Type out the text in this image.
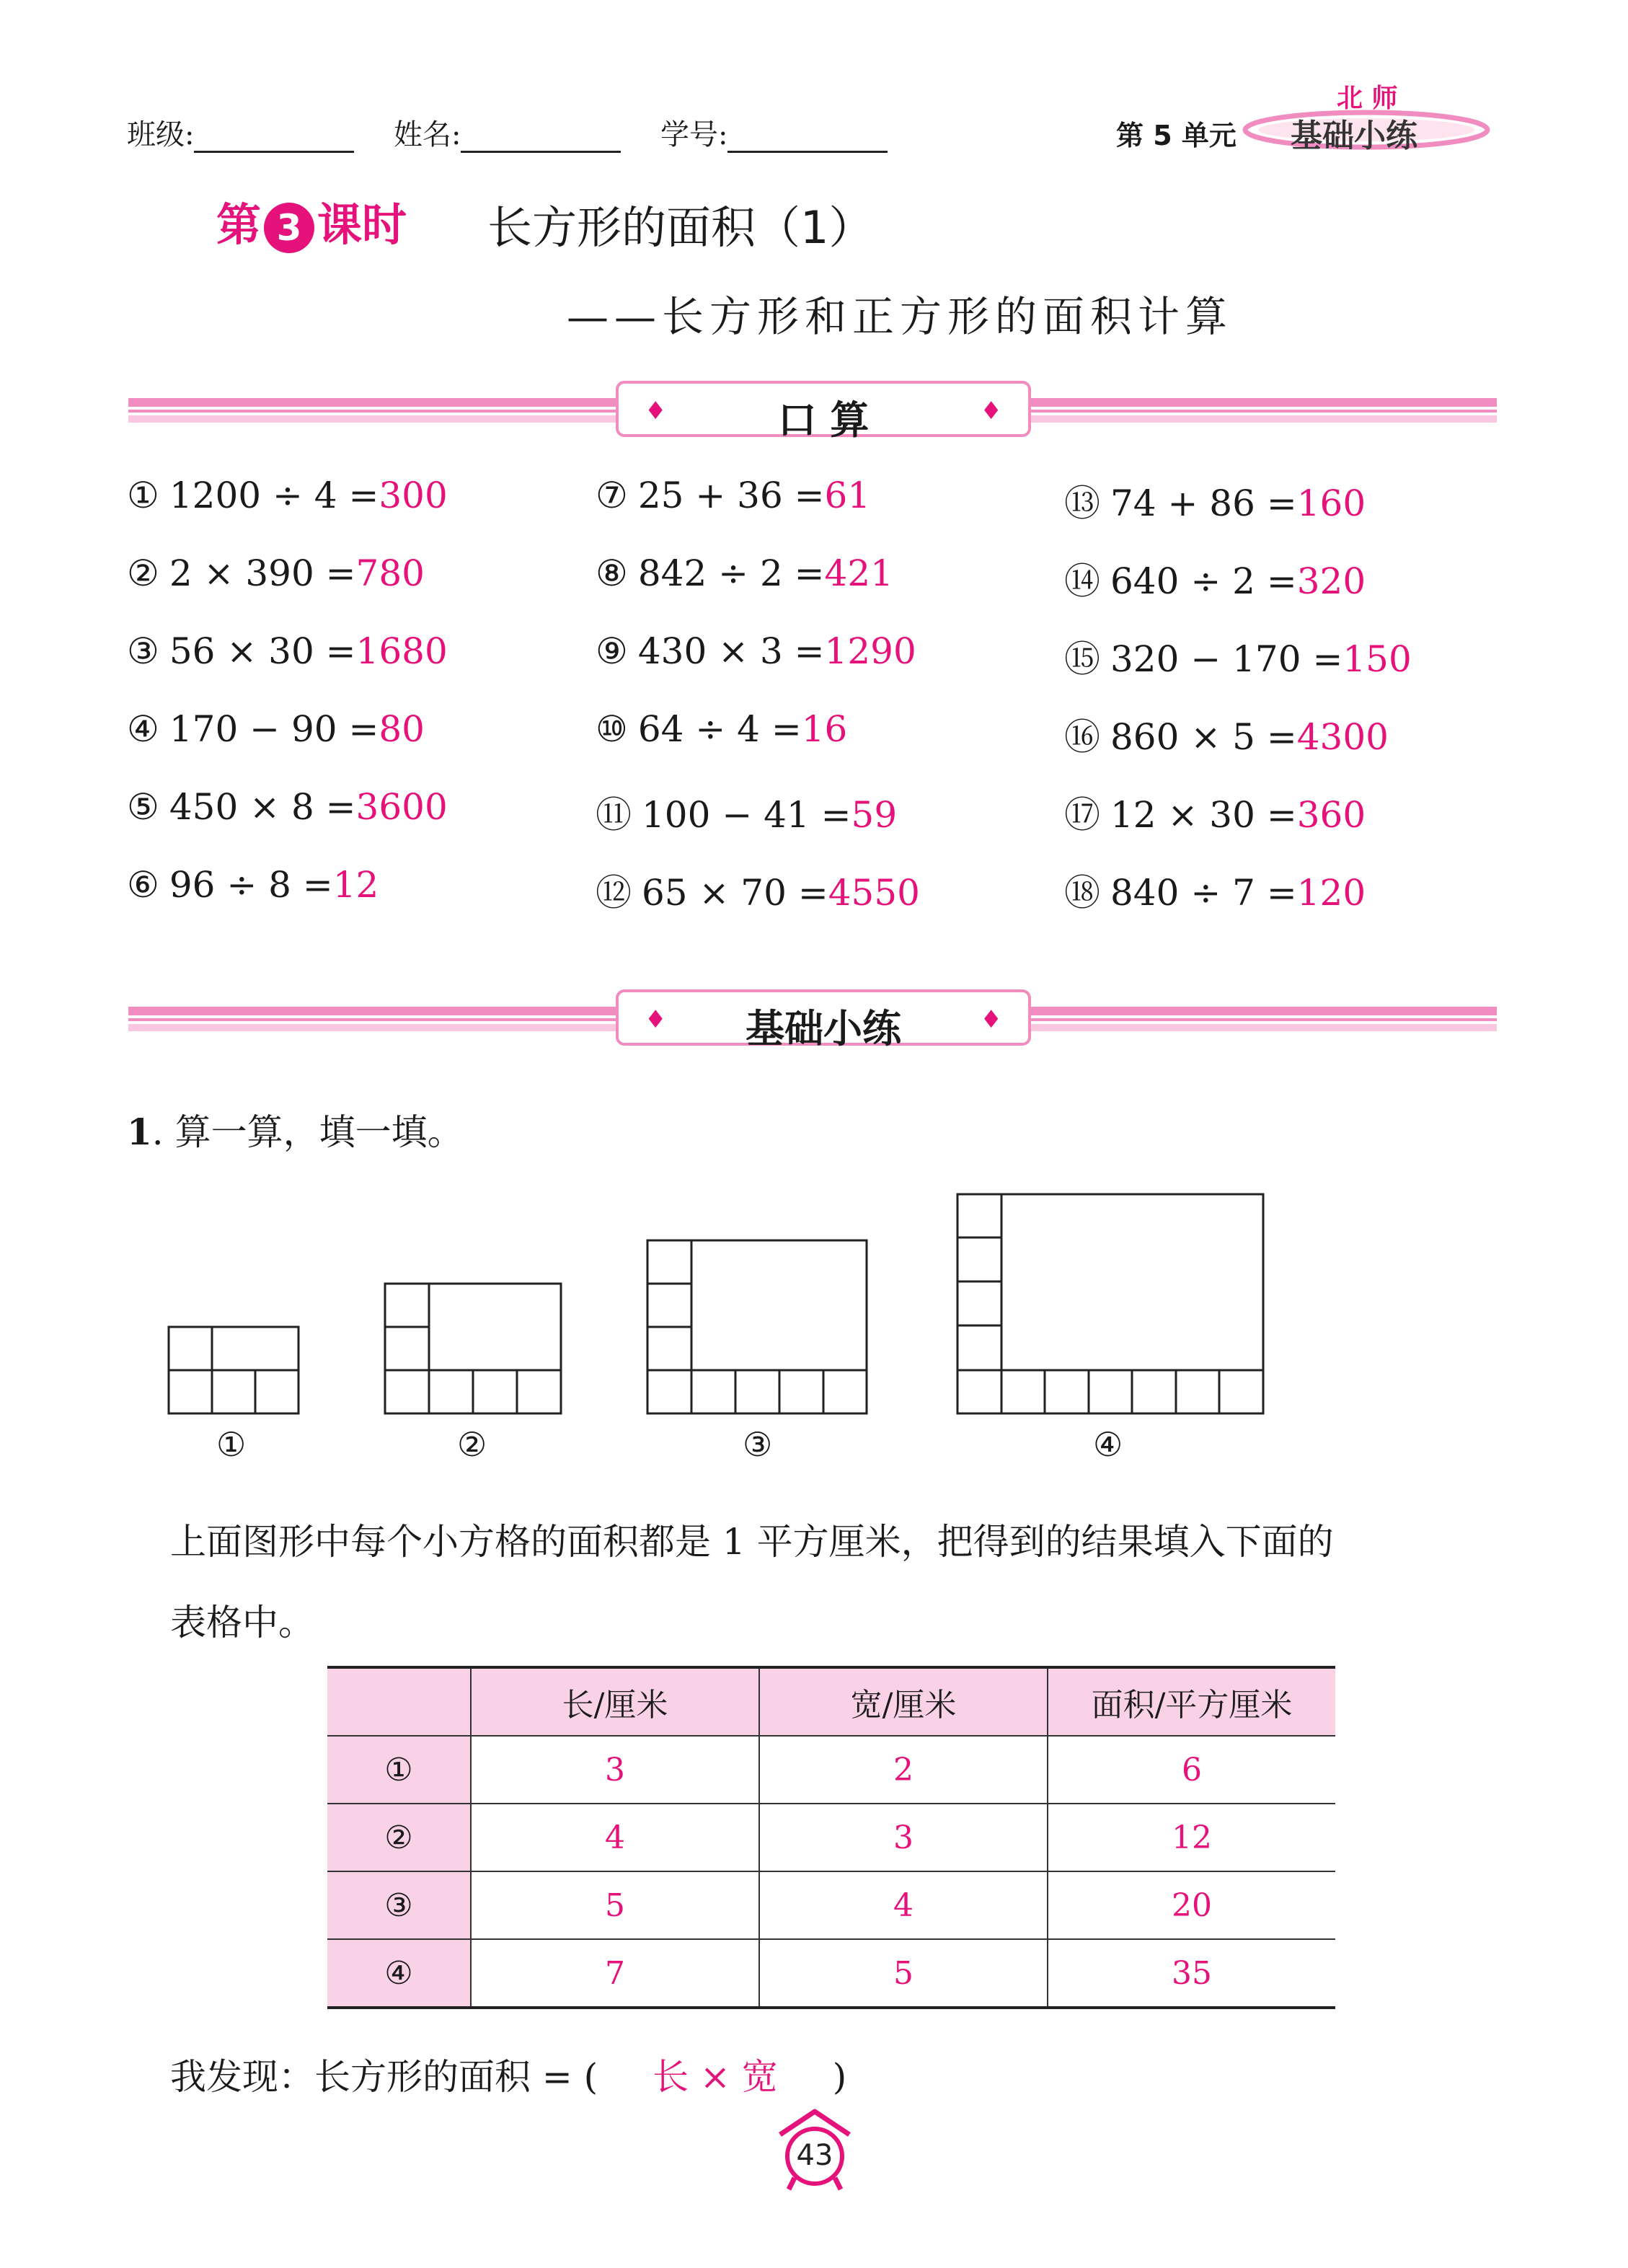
班级:	姓名:	学号:	第 5 单元
北 师
基础小练
第 3 课时 长方形的面积（1）
——长方形和正方形的面积计算
♦	口 算	♦
① 1200 ÷ 4 =300
② 2 × 390 =780
③ 56 × 30 =1680
④ 170 − 90 =80
⑤ 450 × 8 =3600
⑥ 96 ÷ 8 =12
⑦ 25 + 36 =61
⑧ 842 ÷ 2 =421
⑨ 430 × 3 =1290
⑩ 64 ÷ 4 =16
⑪ 100 − 41 =59
⑫ 65 × 70 =4550
⑬ 74 + 86 =160
⑭ 640 ÷ 2 =320
⑮ 320 − 170 =150
⑯ 860 × 5 =4300
⑰ 12 × 30 =360
⑱ 840 ÷ 7 =120
♦	基础小练	♦
1. 算一算，填一填。
①	②	③	④
上面图形中每个小方格的面积都是 1 平方厘米，把得到的结果填入下面的
表格中。
	长/厘米	宽/厘米	面积/平方厘米
①	3	2	6
②	4	3	12
③	5	4	20
④	7	5	35
我发现：长方形的面积 = ( 长 × 宽 )
43
